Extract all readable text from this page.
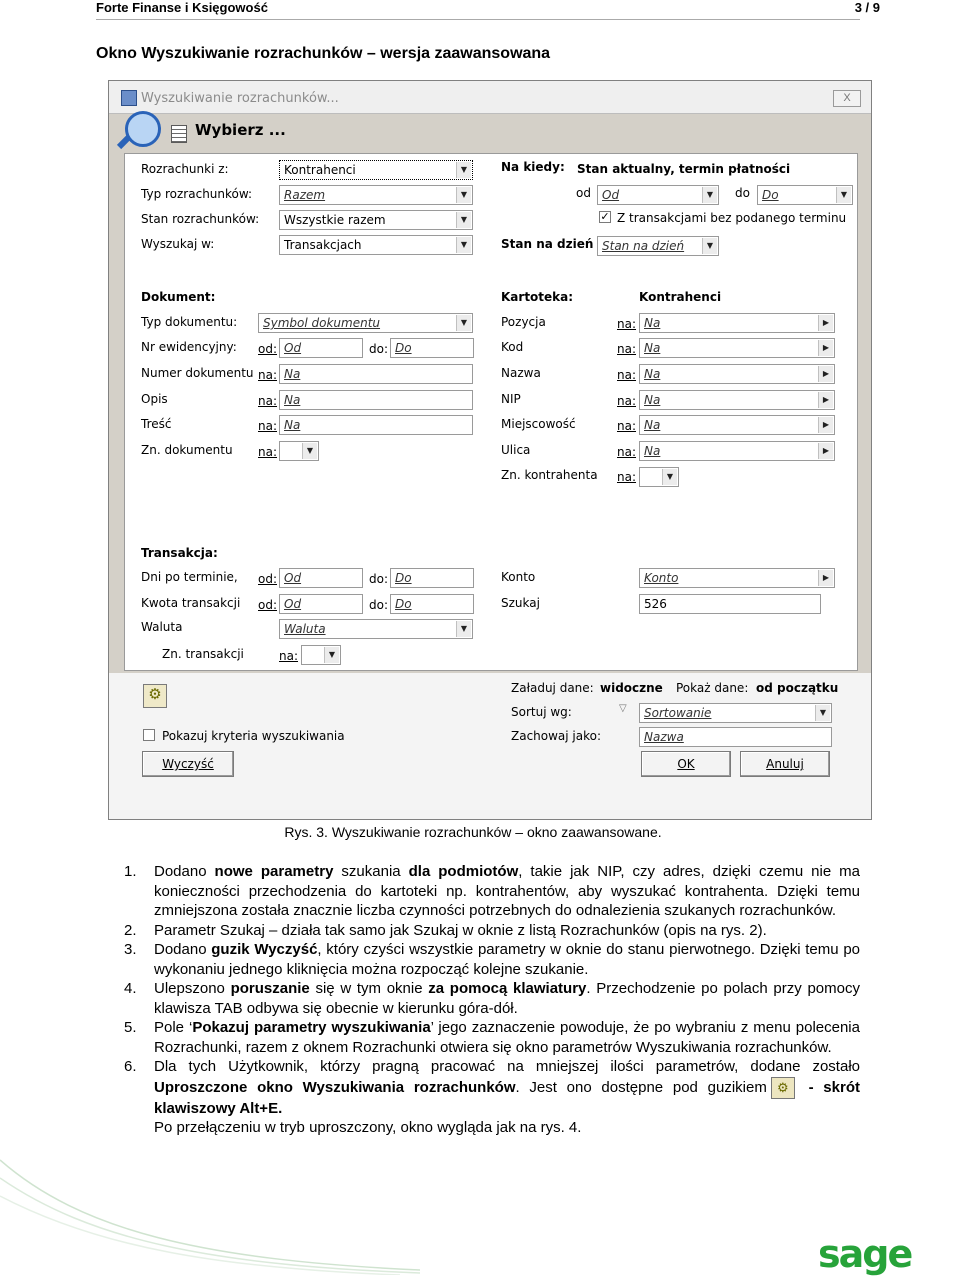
Forte Finanse i Księgowość	3 / 9
Okno Wyszukiwanie rozrachunków – wersja zaawansowana
Wyszukiwanie rozrachunków...	X
Wybierz ...
Rozrachunki z:	Kontrahenci	▼
Typ rozrachunków:	Razem	▼
Stan rozrachunków: Wszystkie razem	▼
Wyszukaj w:	Transakcjach	▼
Na kiedy: Stan aktualny, termin płatności
od Od	▼	do Do	▼
✓ Z transakcjami bez podanego terminu
Stan na dzień Stan na dzień	▼
Dokument:
Typ dokumentu: Symbol dokumentu	▼
Nr ewidencyjny: od: Od	do: Do
Numer dokumentu na: Na
Opis	na: Na
Treść	na: Na
Zn. dokumentu na:	▼
Kartoteka:	Kontrahenci
Pozycja	na: Na	▶
Kod	na: Na	▶
Nazwa	na: Na	▶
NIP	na: Na	▶
Miejscowość	na: Na	▶
Ulica	na: Na	▶
Zn. kontrahenta na:	▼
Transakcja:
Dni po terminie, od: Od	do: Do
Kwota transakcji od: Od	do: Do
Waluta	Waluta	▼
Zn. transakcji	na:	▼
Konto	Konto	▶
Szukaj	526
⚙	Załaduj dane: widoczne Pokaż dane: od początku
Sortuj wg:	▽ Sortowanie	▼
Zachowaj jako:	Nazwa
Pokazuj kryteria wyszukiwania
Wyczyść	OK	Anuluj
Rys. 3. Wyszukiwanie rozrachunków – okno zaawansowane.
1. Dodano nowe parametry szukania dla podmiotów, takie jak NIP, czy adres, dzięki czemu nie ma konieczności przechodzenia do kartoteki np. kontrahentów, aby wyszukać kontrahenta. Dzięki temu zmniejszona została znacznie liczba czynności potrzebnych do odnalezienia szukanych rozrachunków.
2. Parametr Szukaj – działa tak samo jak Szukaj w oknie z listą Rozrachunków (opis na rys. 2).
3. Dodano guzik Wyczyść, który czyści wszystkie parametry w oknie do stanu pierwotnego. Dzięki temu po wykonaniu jednego kliknięcia można rozpocząć kolejne szukanie.
4. Ulepszono poruszanie się w tym oknie za pomocą klawiatury. Przechodzenie po polach przy pomocy klawisza TAB odbywa się obecnie w kierunku góra-dół.
5. Pole ‘Pokazuj parametry wyszukiwania’ jego zaznaczenie powoduje, że po wybraniu z menu polecenia Rozrachunki, razem z oknem Rozrachunki otwiera się okno parametrów Wyszukiwania rozrachunków.
6. Dla tych Użytkownik, którzy pragną pracować na mniejszej ilości parametrów, dodane zostało Uproszczone okno Wyszukiwania rozrachunków. Jest ono dostępne pod guzikiem ⚙ - skrót klawiszowy Alt+E.
Po przełączeniu w tryb uproszczony, okno wygląda jak na rys. 4.
sage
